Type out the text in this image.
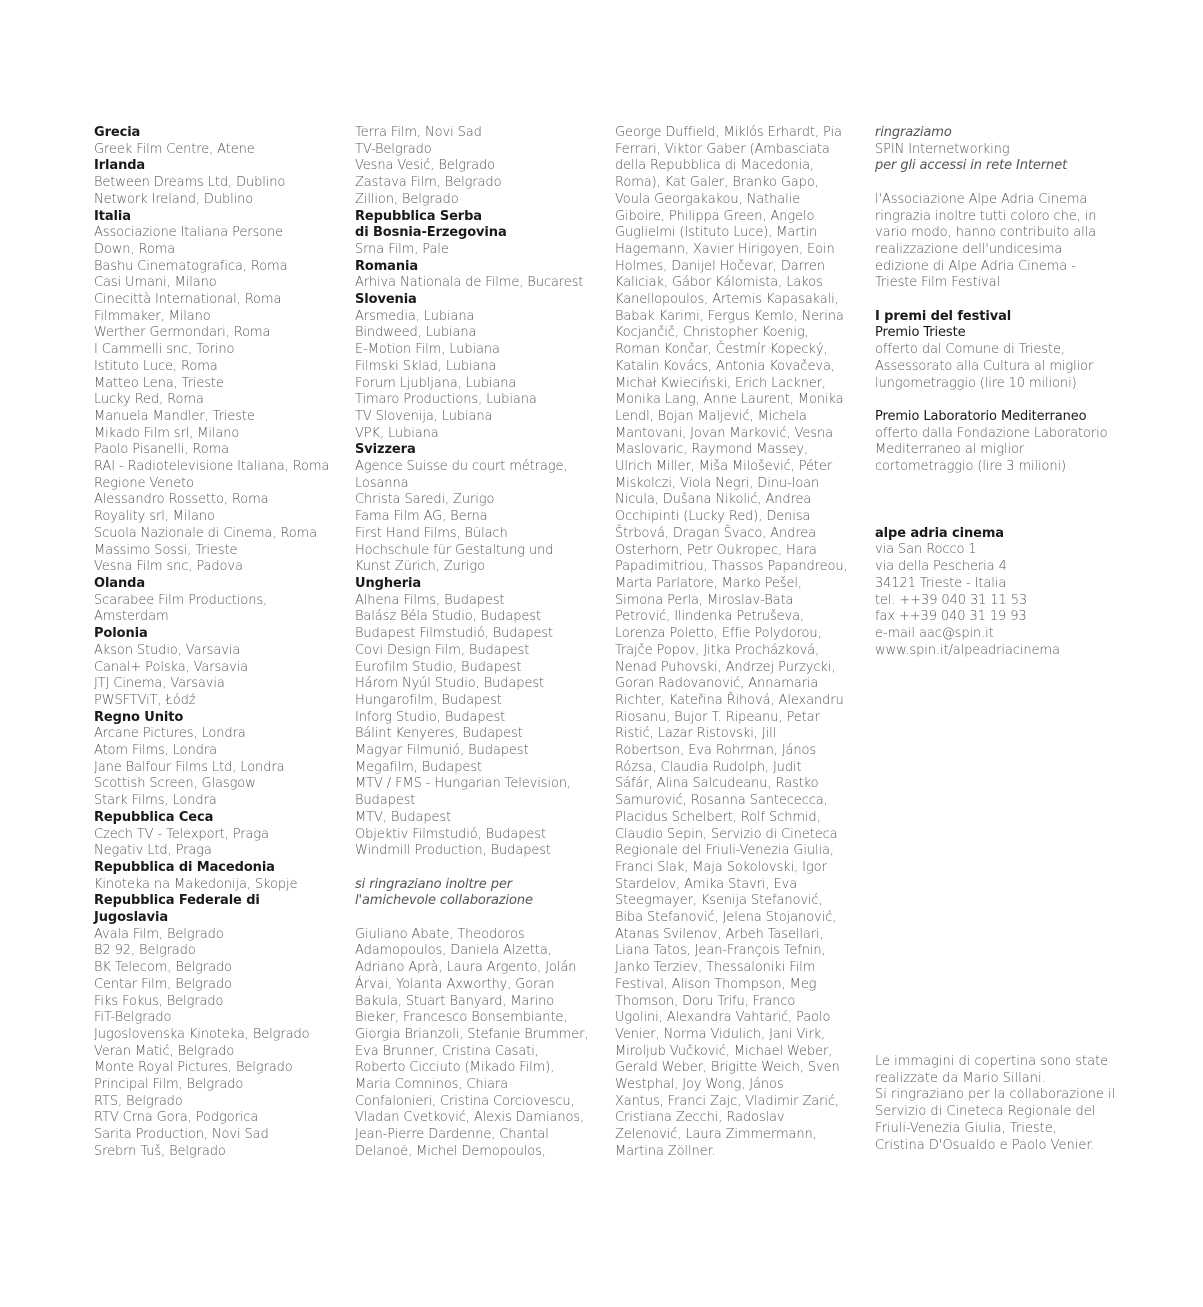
Grecia
Greek Film Centre, Atene
Irlanda
Between Dreams Ltd, Dublino
Network Ireland, Dublino
Italia
Associazione Italiana Persone
Down, Roma
Bashu Cinematografica, Roma
Casi Umani, Milano
Cinecittà International, Roma
Filmmaker, Milano
Werther Germondari, Roma
I Cammelli snc, Torino
Istituto Luce, Roma
Matteo Lena, Trieste
Lucky Red, Roma
Manuela Mandler, Trieste
Mikado Film srl, Milano
Paolo Pisanelli, Roma
RAI - Radiotelevisione Italiana, Roma
Regione Veneto
Alessandro Rossetto, Roma
Royality srl, Milano
Scuola Nazionale di Cinema, Roma
Massimo Sossi, Trieste
Vesna Film snc, Padova
Olanda
Scarabee Film Productions,
Amsterdam
Polonia
Akson Studio, Varsavia
Canal+ Polska, Varsavia
JTJ Cinema, Varsavia
PWSFTViT, Łódź
Regno Unito
Arcane Pictures, Londra
Atom Films, Londra
Jane Balfour Films Ltd, Londra
Scottish Screen, Glasgow
Stark Films, Londra
Repubblica Ceca
Czech TV - Telexport, Praga
Negativ Ltd, Praga
Repubblica di Macedonia
Kinoteka na Makedonija, Skopje
Repubblica Federale di
Jugoslavia
Avala Film, Belgrado
B2 92, Belgrado
BK Telecom, Belgrado
Centar Film, Belgrado
Fiks Fokus, Belgrado
FiT-Belgrado
Jugoslovenska Kinoteka, Belgrado
Veran Matić, Belgrado
Monte Royal Pictures, Belgrado
Principal Film, Belgrado
RTS, Belgrado
RTV Crna Gora, Podgorica
Sarita Production, Novi Sad
Srebrn Tuš, Belgrado
Terra Film, Novi Sad
TV-Belgrado
Vesna Vesić, Belgrado
Zastava Film, Belgrado
Zillion, Belgrado
Repubblica Serba
di Bosnia-Erzegovina
Srna Film, Pale
Romania
Arhiva Nationala de Filme, Bucarest
Slovenia
Arsmedia, Lubiana
Bindweed, Lubiana
E-Motion Film, Lubiana
Filmski Sklad, Lubiana
Forum Ljubljana, Lubiana
Timaro Productions, Lubiana
TV Slovenija, Lubiana
VPK, Lubiana
Svizzera
Agence Suisse du court métrage,
Losanna
Christa Saredi, Zurigo
Fama Film AG, Berna
First Hand Films, Bülach
Hochschule für Gestaltung und
Kunst Zürich, Zurigo
Ungheria
Alhena Films, Budapest
Balász Béla Studio, Budapest
Budapest Filmstudió, Budapest
Covi Design Film, Budapest
Eurofilm Studio, Budapest
Három Nyúl Studio, Budapest
Hungarofilm, Budapest
Inforg Studio, Budapest
Bálint Kenyeres, Budapest
Magyar Filmunió, Budapest
Megafilm, Budapest
MTV / FMS - Hungarian Television,
Budapest
MTV, Budapest
Objektiv Filmstudió, Budapest
Windmill Production, Budapest
si ringraziano inoltre per
l'amichevole collaborazione
Giuliano Abate, Theodoros
Adamopoulos, Daniela Alzetta,
Adriano Aprà, Laura Argento, Jolán
Árvai, Yolanta Axworthy, Goran
Bakula, Stuart Banyard, Marino
Bieker, Francesco Bonsembiante,
Giorgia Brianzoli, Stefanie Brummer,
Eva Brunner, Cristina Casati,
Roberto Cicciuto (Mikado Film),
Maria Comninos, Chiara
Confalonieri, Cristina Corciovescu,
Vladan Cvetković, Alexis Damianos,
Jean-Pierre Dardenne, Chantal
Delanoë, Michel Demopoulos,
George Duffield, Miklós Erhardt, Pia
Ferrari, Viktor Gaber (Ambasciata
della Repubblica di Macedonia,
Roma), Kat Galer, Branko Gapo,
Voula Georgakakou, Nathalie
Giboire, Philippa Green, Angelo
Guglielmi (Istituto Luce), Martin
Hagemann, Xavier Hirigoyen, Eoin
Holmes, Danijel Hočevar, Darren
Kaliciak, Gábor Kálomista, Lakos
Kanellopoulos, Artemis Kapasakali,
Babak Karimi, Fergus Kemlo, Nerina
Kocjančič, Christopher Koenig,
Roman Končar, Čestmír Kopecký,
Katalin Kovács, Antonia Kovačeva,
Michał Kwieciński, Erich Lackner,
Monika Lang, Anne Laurent, Monika
Lendl, Bojan Maljević, Michela
Mantovani, Jovan Marković, Vesna
Maslovaric, Raymond Massey,
Ulrich Miller, Miša Milošević, Péter
Miskolczi, Viola Negri, Dinu-Ioan
Nicula, Dušana Nikolić, Andrea
Occhipinti (Lucky Red), Denisa
Štrbová, Dragan Švaco, Andrea
Osterhorn, Petr Oukropec, Hara
Papadimitriou, Thassos Papandreou,
Marta Parlatore, Marko Pešel,
Simona Perla, Miroslav-Bata
Petrović, Ilindenka Petruševa,
Lorenza Poletto, Effie Polydorou,
Trajče Popov, Jitka Procházková,
Nenad Puhovski, Andrzej Purzycki,
Goran Radovanović, Annamaria
Richter, Kateřina Řihová, Alexandru
Riosanu, Bujor T. Ripeanu, Petar
Ristić, Lazar Ristovski, Jill
Robertson, Eva Rohrman, János
Rózsa, Claudia Rudolph, Judit
Sáfár, Alina Salcudeanu, Rastko
Samurović, Rosanna Santececca,
Placidus Schelbert, Rolf Schmid,
Claudio Sepin, Servizio di Cineteca
Regionale del Friuli-Venezia Giulia,
Franci Slak, Maja Sokolovski, Igor
Stardelov, Amika Stavri, Eva
Steegmayer, Ksenija Stefanović,
Biba Stefanović, Jelena Stojanović,
Atanas Svilenov, Arbeh Tasellari,
Liana Tatos, Jean-François Tefnin,
Janko Terziev, Thessaloniki Film
Festival, Alison Thompson, Meg
Thomson, Doru Trifu, Franco
Ugolini, Alexandra Vahtarić, Paolo
Venier, Norma Vidulich, Jani Virk,
Miroljub Vučković, Michael Weber,
Gerald Weber, Brigitte Weich, Sven
Westphal, Joy Wong, János
Xantus, Franci Zajc, Vladimir Zarić,
Cristiana Zecchi, Radoslav
Zelenović, Laura Zimmermann,
Martina Zöllner.
ringraziamo
SPIN Internetworking
per gli accessi in rete Internet
l'Associazione Alpe Adria Cinema
ringrazia inoltre tutti coloro che, in
vario modo, hanno contribuito alla
realizzazione dell'undicesima
edizione di Alpe Adria Cinema -
Trieste Film Festival
I premi del festival
Premio Trieste
offerto dal Comune di Trieste,
Assessorato alla Cultura al miglior
lungometraggio (lire 10 milioni)
Premio Laboratorio Mediterraneo
offerto dalla Fondazione Laboratorio
Mediterraneo al miglior
cortometraggio (lire 3 milioni)
alpe adria cinema
via San Rocco 1
via della Pescheria 4
34121 Trieste - Italia
tel. ++39 040 31 11 53
fax ++39 040 31 19 93
e-mail aac@spin.it
www.spin.it/alpeadriacinema
Le immagini di copertina sono state
realizzate da Mario Sillani.
Si ringraziano per la collaborazione il
Servizio di Cineteca Regionale del
Friuli-Venezia Giulia, Trieste,
Cristina D'Osualdo e Paolo Venier.
